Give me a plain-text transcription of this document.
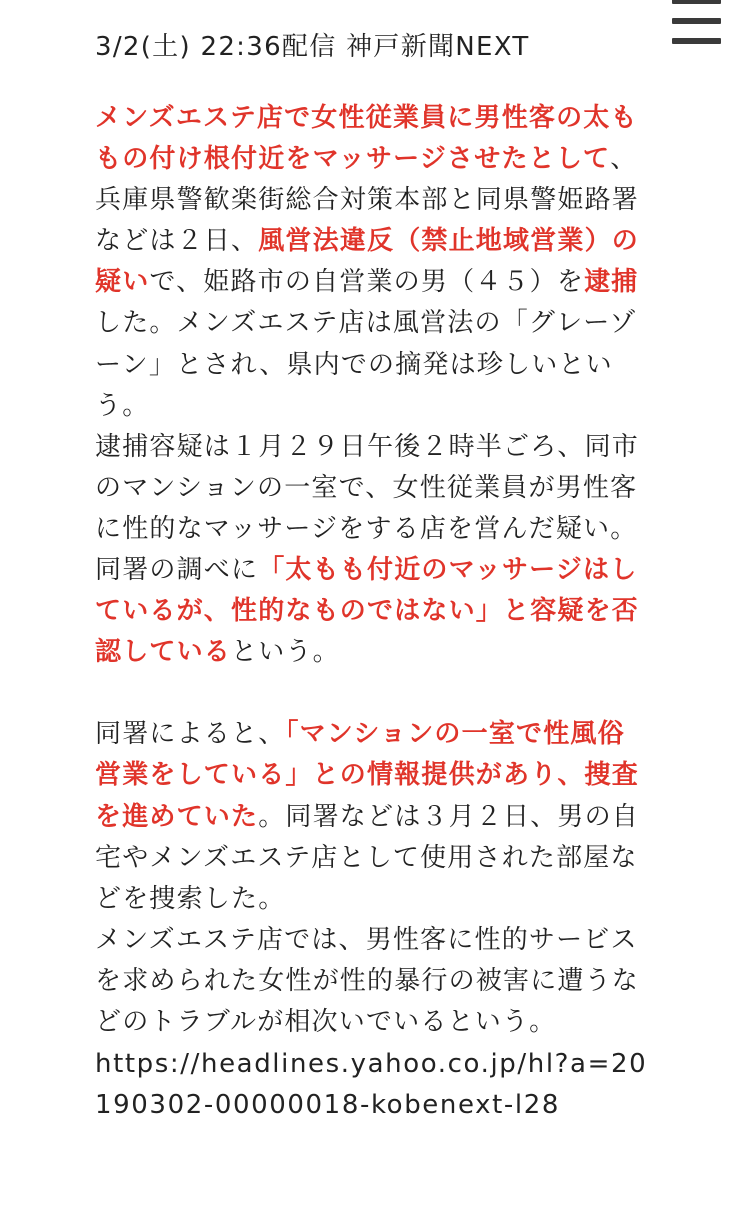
3/2(土) 22:36配信 神戸新聞NEXT

メンズエステ店で女性従業員に男性客の太ももの付け根付近をマッサージさせたとして、兵庫県警歓楽街総合対策本部と同県警姫路署などは２日、風営法違反（禁止地域営業）の疑いで、姫路市の自営業の男（４５）を逮捕した。メンズエステ店は風営法の「グレーゾーン」とされ、県内での摘発は珍しいという。

逮捕容疑は１月２９日午後２時半ごろ、同市のマンションの一室で、女性従業員が男性客に性的なマッサージをする店を営んだ疑い。同署の調べに「太もも付近のマッサージはしているが、性的なものではない」と容疑を否認しているという。

同署によると、「マンションの一室で性風俗営業をしている」との情報提供があり、捜査を進めていた。同署などは３月２日、男の自宅やメンズエステ店として使用された部屋などを捜索した。

メンズエステ店では、男性客に性的サービスを求められた女性が性的暴行の被害に遭うなどのトラブルが相次いでいるという。

https://headlines.yahoo.co.jp/hl?a=20190302-00000018-kobenext-l28
